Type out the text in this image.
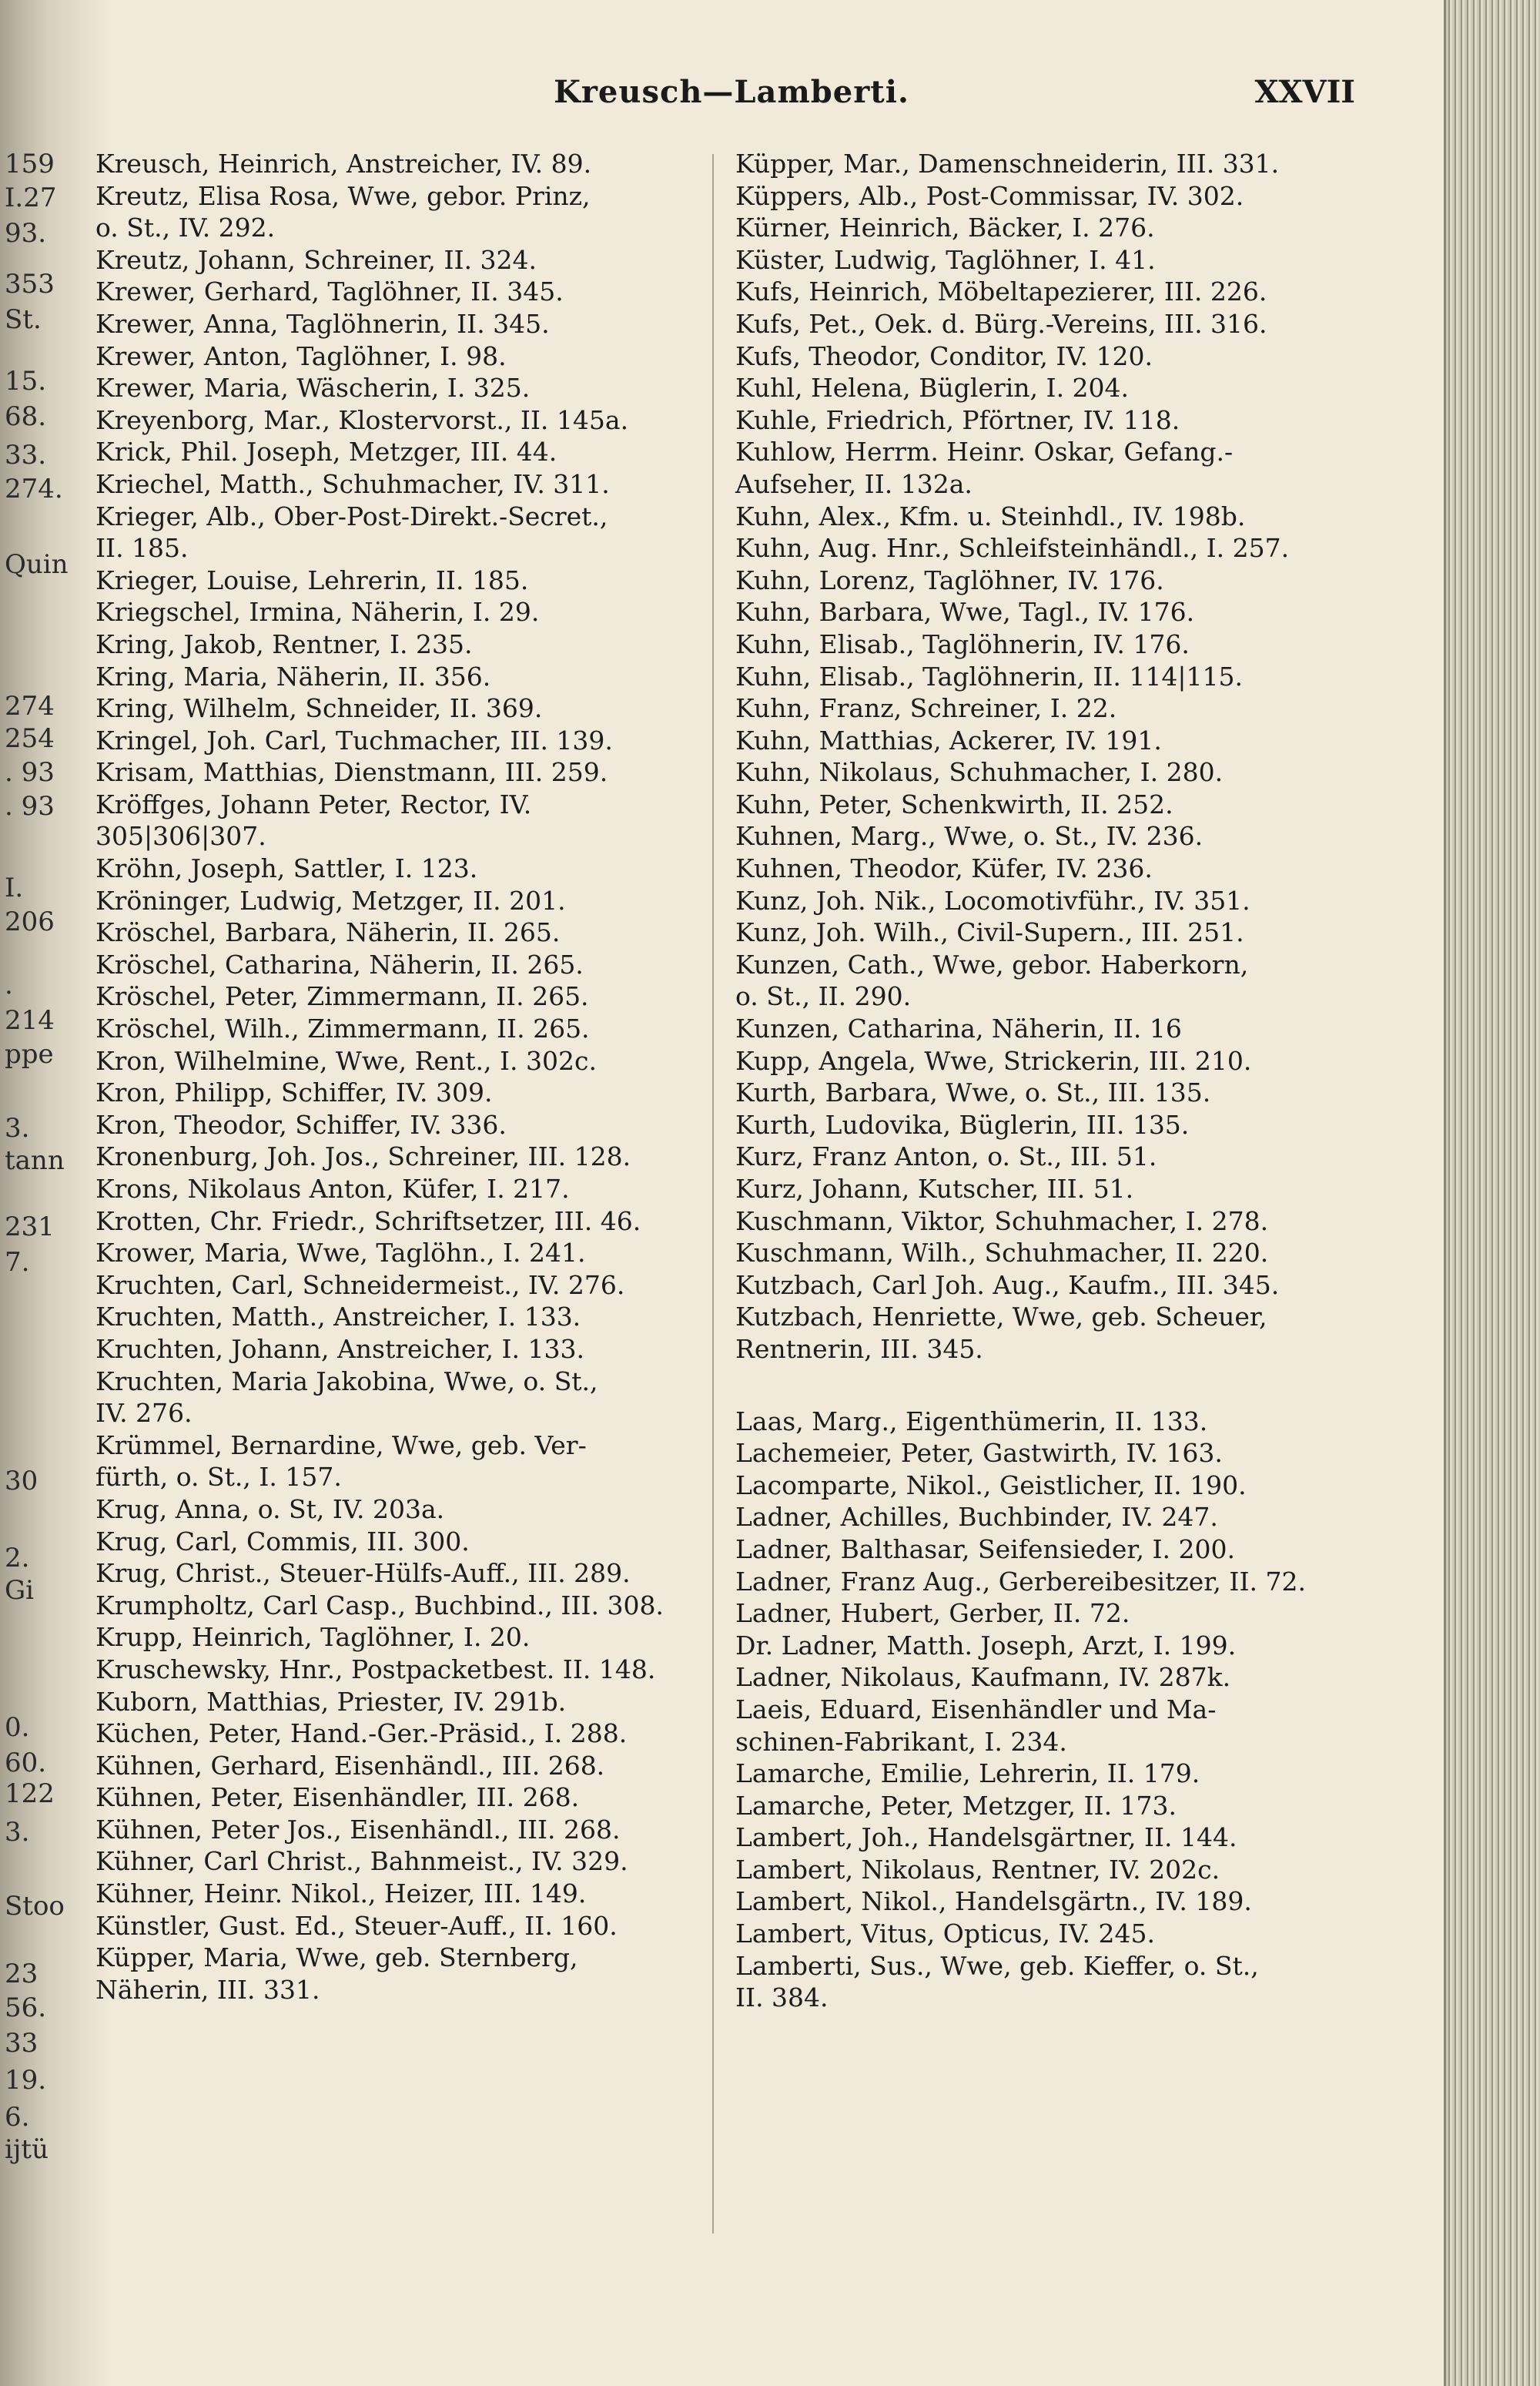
159
I.27
93.
353
St.
15.
68.
33.
274.
Quin
274
254
. 93
. 93
I.
206
.
214
ppe
3.
tann
231
7.
30
2.
Gi
0.
60.
122
3.
Stoo
23
56.
33
19.
6.
ijtü
Kreusch—Lamberti.	XXVII
Kreusch, Heinrich, Anstreicher, IV. 89.
Kreutz, Elisa Rosa, Wwe, gebor. Prinz,
o. St., IV. 292.
Kreutz, Johann, Schreiner, II. 324.
Krewer, Gerhard, Taglöhner, II. 345.
Krewer, Anna, Taglöhnerin, II. 345.
Krewer, Anton, Taglöhner, I. 98.
Krewer, Maria, Wäscherin, I. 325.
Kreyenborg, Mar., Klostervorst., II. 145a.
Krick, Phil. Joseph, Metzger, III. 44.
Kriechel, Matth., Schuhmacher, IV. 311.
Krieger, Alb., Ober-Post-Direkt.-Secret.,
II. 185.
Krieger, Louise, Lehrerin, II. 185.
Kriegschel, Irmina, Näherin, I. 29.
Kring, Jakob, Rentner, I. 235.
Kring, Maria, Näherin, II. 356.
Kring, Wilhelm, Schneider, II. 369.
Kringel, Joh. Carl, Tuchmacher, III. 139.
Krisam, Matthias, Dienstmann, III. 259.
Kröffges, Johann Peter, Rector, IV.
305|306|307.
Kröhn, Joseph, Sattler, I. 123.
Kröninger, Ludwig, Metzger, II. 201.
Kröschel, Barbara, Näherin, II. 265.
Kröschel, Catharina, Näherin, II. 265.
Kröschel, Peter, Zimmermann, II. 265.
Kröschel, Wilh., Zimmermann, II. 265.
Kron, Wilhelmine, Wwe, Rent., I. 302c.
Kron, Philipp, Schiffer, IV. 309.
Kron, Theodor, Schiffer, IV. 336.
Kronenburg, Joh. Jos., Schreiner, III. 128.
Krons, Nikolaus Anton, Küfer, I. 217.
Krotten, Chr. Friedr., Schriftsetzer, III. 46.
Krower, Maria, Wwe, Taglöhn., I. 241.
Kruchten, Carl, Schneidermeist., IV. 276.
Kruchten, Matth., Anstreicher, I. 133.
Kruchten, Johann, Anstreicher, I. 133.
Kruchten, Maria Jakobina, Wwe, o. St.,
IV. 276.
Krümmel, Bernardine, Wwe, geb. Ver-
fürth, o. St., I. 157.
Krug, Anna, o. St, IV. 203a.
Krug, Carl, Commis, III. 300.
Krug, Christ., Steuer-Hülfs-Auff., III. 289.
Krumpholtz, Carl Casp., Buchbind., III. 308.
Krupp, Heinrich, Taglöhner, I. 20.
Kruschewsky, Hnr., Postpacketbest. II. 148.
Kuborn, Matthias, Priester, IV. 291b.
Küchen, Peter, Hand.-Ger.-Präsid., I. 288.
Kühnen, Gerhard, Eisenhändl., III. 268.
Kühnen, Peter, Eisenhändler, III. 268.
Kühnen, Peter Jos., Eisenhändl., III. 268.
Kühner, Carl Christ., Bahnmeist., IV. 329.
Kühner, Heinr. Nikol., Heizer, III. 149.
Künstler, Gust. Ed., Steuer-Auff., II. 160.
Küpper, Maria, Wwe, geb. Sternberg,
Näherin, III. 331.
Küpper, Mar., Damenschneiderin, III. 331.
Küppers, Alb., Post-Commissar, IV. 302.
Kürner, Heinrich, Bäcker, I. 276.
Küster, Ludwig, Taglöhner, I. 41.
Kufs, Heinrich, Möbeltapezierer, III. 226.
Kufs, Pet., Oek. d. Bürg.-Vereins, III. 316.
Kufs, Theodor, Conditor, IV. 120.
Kuhl, Helena, Büglerin, I. 204.
Kuhle, Friedrich, Pförtner, IV. 118.
Kuhlow, Herrm. Heinr. Oskar, Gefang.-
Aufseher, II. 132a.
Kuhn, Alex., Kfm. u. Steinhdl., IV. 198b.
Kuhn, Aug. Hnr., Schleifsteinhändl., I. 257.
Kuhn, Lorenz, Taglöhner, IV. 176.
Kuhn, Barbara, Wwe, Tagl., IV. 176.
Kuhn, Elisab., Taglöhnerin, IV. 176.
Kuhn, Elisab., Taglöhnerin, II. 114|115.
Kuhn, Franz, Schreiner, I. 22.
Kuhn, Matthias, Ackerer, IV. 191.
Kuhn, Nikolaus, Schuhmacher, I. 280.
Kuhn, Peter, Schenkwirth, II. 252.
Kuhnen, Marg., Wwe, o. St., IV. 236.
Kuhnen, Theodor, Küfer, IV. 236.
Kunz, Joh. Nik., Locomotivführ., IV. 351.
Kunz, Joh. Wilh., Civil-Supern., III. 251.
Kunzen, Cath., Wwe, gebor. Haberkorn,
o. St., II. 290.
Kunzen, Catharina, Näherin, II. 16
Kupp, Angela, Wwe, Strickerin, III. 210.
Kurth, Barbara, Wwe, o. St., III. 135.
Kurth, Ludovika, Büglerin, III. 135.
Kurz, Franz Anton, o. St., III. 51.
Kurz, Johann, Kutscher, III. 51.
Kuschmann, Viktor, Schuhmacher, I. 278.
Kuschmann, Wilh., Schuhmacher, II. 220.
Kutzbach, Carl Joh. Aug., Kaufm., III. 345.
Kutzbach, Henriette, Wwe, geb. Scheuer,
Rentnerin, III. 345.
Laas, Marg., Eigenthümerin, II. 133.
Lachemeier, Peter, Gastwirth, IV. 163.
Lacomparte, Nikol., Geistlicher, II. 190.
Ladner, Achilles, Buchbinder, IV. 247.
Ladner, Balthasar, Seifensieder, I. 200.
Ladner, Franz Aug., Gerbereibesitzer, II. 72.
Ladner, Hubert, Gerber, II. 72.
Dr. Ladner, Matth. Joseph, Arzt, I. 199.
Ladner, Nikolaus, Kaufmann, IV. 287k.
Laeis, Eduard, Eisenhändler und Ma-
schinen-Fabrikant, I. 234.
Lamarche, Emilie, Lehrerin, II. 179.
Lamarche, Peter, Metzger, II. 173.
Lambert, Joh., Handelsgärtner, II. 144.
Lambert, Nikolaus, Rentner, IV. 202c.
Lambert, Nikol., Handelsgärtn., IV. 189.
Lambert, Vitus, Opticus, IV. 245.
Lamberti, Sus., Wwe, geb. Kieffer, o. St.,
II. 384.
